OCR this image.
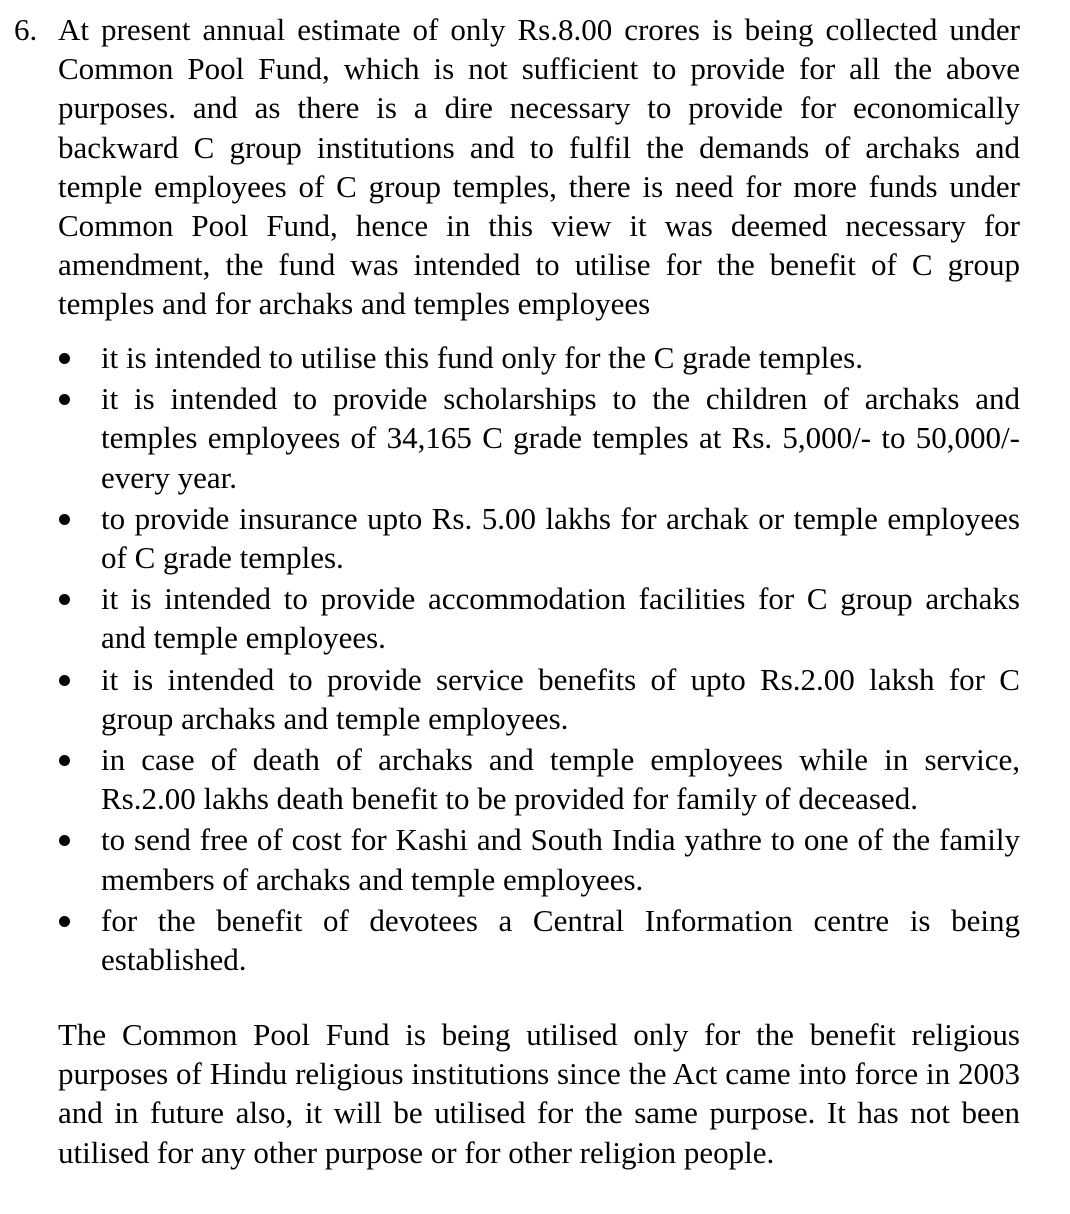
6. At present annual estimate of only Rs.8.00 crores is being collected under Common Pool Fund, which is not sufficient to provide for all the above purposes. and as there is a dire necessary to provide for economically backward C group institutions and to fulfil the demands of archaks and temple employees of C group temples, there is need for more funds under Common Pool Fund, hence in this view it was deemed necessary for amendment, the fund was intended to utilise for the benefit of C group temples and for archaks and temples employees
it is intended to utilise this fund only for the C grade temples.
it is intended to provide scholarships to the children of archaks and temples employees of 34,165 C grade temples at Rs. 5,000/- to 50,000/- every year.
to provide insurance upto Rs. 5.00 lakhs for archak or temple employees of C grade temples.
it is intended to provide accommodation facilities for C group archaks and temple employees.
it is intended to provide service benefits of upto Rs.2.00 laksh for C group archaks and temple employees.
in case of death of archaks and temple employees while in service, Rs.2.00 lakhs death benefit to be provided for family of deceased.
to send free of cost for Kashi and South India yathre to one of the family members of archaks and temple employees.
for the benefit of devotees a Central Information centre is being established.
The Common Pool Fund is being utilised only for the benefit religious purposes of Hindu religious institutions since the Act came into force in 2003 and in future also, it will be utilised for the same purpose. It has not been utilised for any other purpose or for other religion people.
